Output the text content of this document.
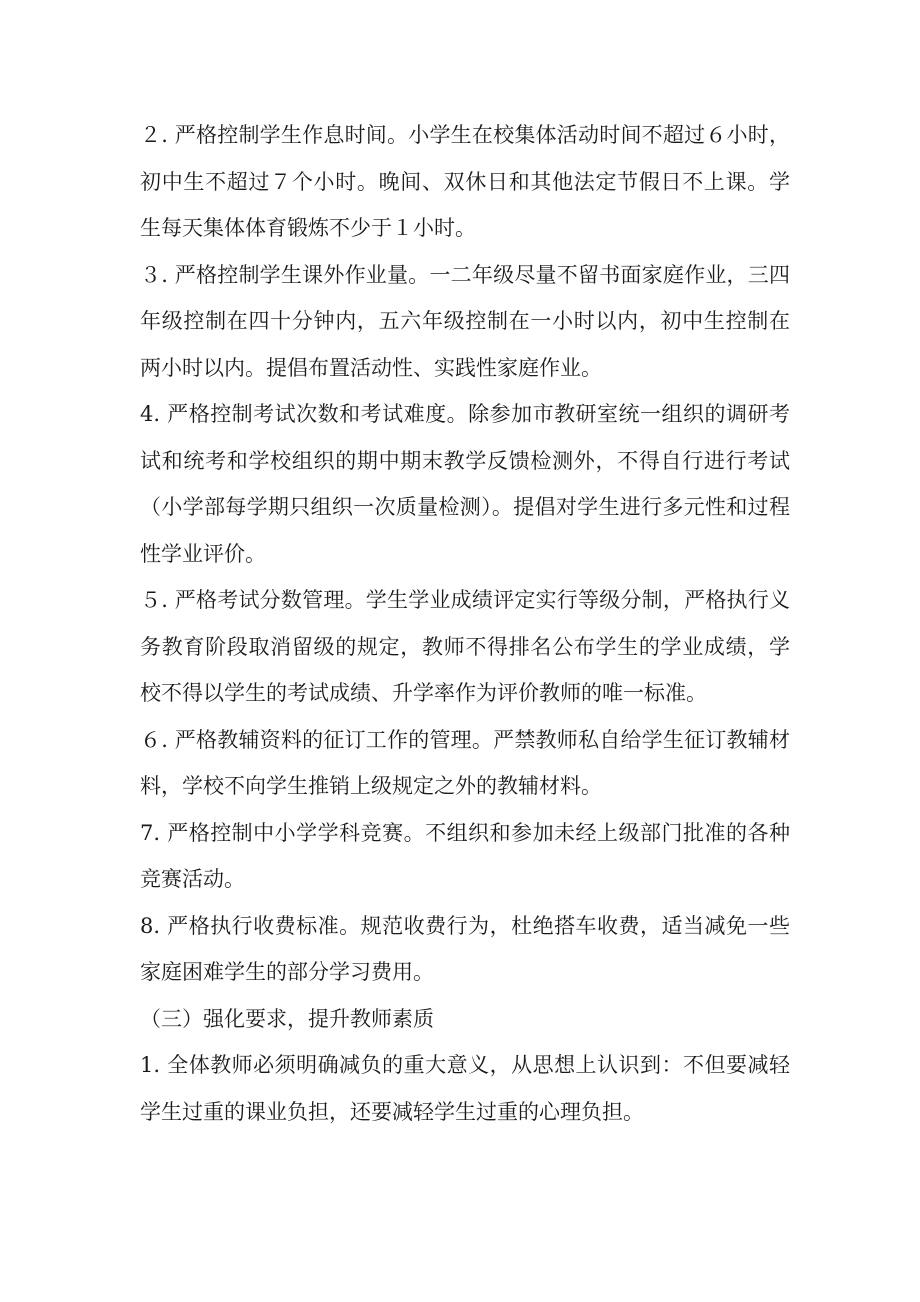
２. 严格控制学生作息时间。小学生在校集体活动时间不超过６小时，初中生不超过７个小时。晚间、双休日和其他法定节假日不上课。学生每天集体体育锻炼不少于１小时。

３. 严格控制学生课外作业量。一二年级尽量不留书面家庭作业，三四年级控制在四十分钟内，五六年级控制在一小时以内，初中生控制在两小时以内。提倡布置活动性、实践性家庭作业。

4. 严格控制考试次数和考试难度。除参加市教研室统一组织的调研考试和统考和学校组织的期中期末教学反馈检测外，不得自行进行考试（小学部每学期只组织一次质量检测）。提倡对学生进行多元性和过程性学业评价。

５. 严格考试分数管理。学生学业成绩评定实行等级分制，严格执行义务教育阶段取消留级的规定，教师不得排名公布学生的学业成绩，学校不得以学生的考试成绩、升学率作为评价教师的唯一标准。

６. 严格教辅资料的征订工作的管理。严禁教师私自给学生征订教辅材料，学校不向学生推销上级规定之外的教辅材料。

7. 严格控制中小学学科竞赛。不组织和参加未经上级部门批准的各种竞赛活动。

8. 严格执行收费标准。规范收费行为，杜绝搭车收费，适当减免一些家庭困难学生的部分学习费用。

（三）强化要求，提升教师素质

1. 全体教师必须明确减负的重大意义，从思想上认识到：不但要减轻学生过重的课业负担，还要减轻学生过重的心理负担。
